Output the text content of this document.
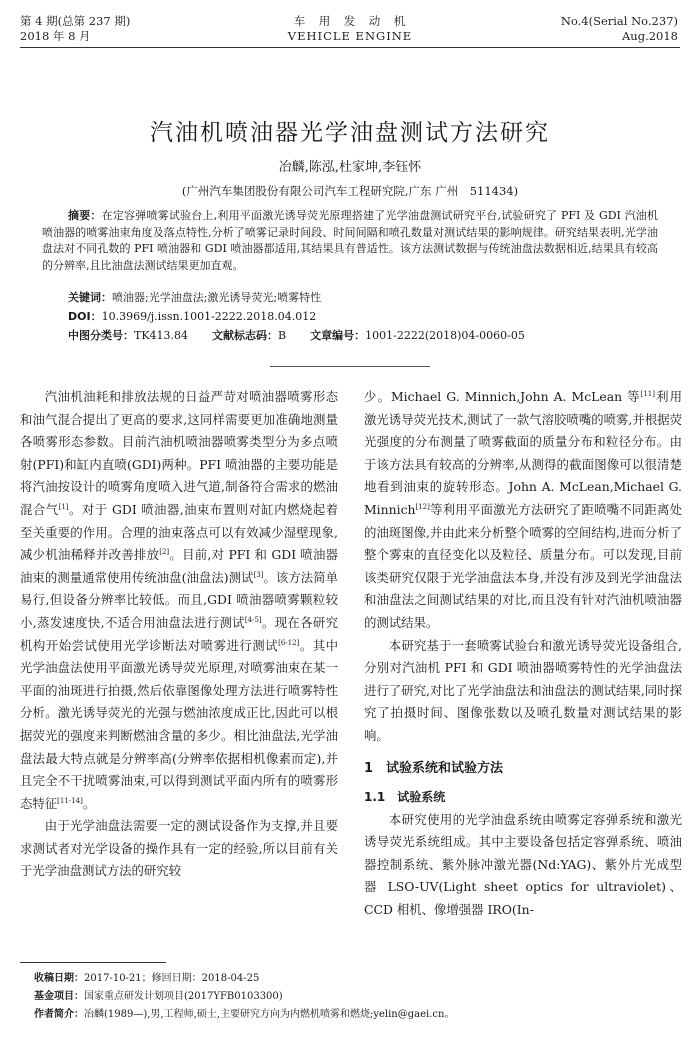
第 4 期(总第 237 期)
2018 年 8 月
车　用　发　动　机
VEHICLE ENGINE
No.4(Serial No.237)
Aug.2018
汽油机喷油器光学油盘测试方法研究
冶麟,陈泓,杜家坤,李钰怀
(广州汽车集团股份有限公司汽车工程研究院,广东 广州　511434)
摘要：在定容弹喷雾试验台上,利用平面激光诱导荧光原理搭建了光学油盘测试研究平台,试验研究了 PFI 及 GDI 汽油机喷油器的喷雾油束角度及落点特性,分析了喷雾记录时间段、时间间隔和喷孔数量对测试结果的影响规律。研究结果表明,光学油盘法对不同孔数的 PFI 喷油器和 GDI 喷油器都适用,其结果具有普适性。该方法测试数据与传统油盘法数据相近,结果具有较高的分辨率,且比油盘法测试结果更加直观。
关键词：喷油器;光学油盘法;激光诱导荧光;喷雾特性
DOI：10.3969/j.issn.1001-2222.2018.04.012
中图分类号：TK413.84 文献标志码：B 文章编号：1001-2222(2018)04-0060-05

汽油机油耗和排放法规的日益严苛对喷油器喷雾形态和油气混合提出了更高的要求,这同样需要更加准确地测量各喷雾形态参数。目前汽油机喷油器喷雾类型分为多点喷射(PFI)和缸内直喷(GDI)两种。PFI 喷油器的主要功能是将汽油按设计的喷雾角度喷入进气道,制备符合需求的燃油混合气[1]。对于 GDI 喷油器,油束布置则对缸内燃烧起着至关重要的作用。合理的油束落点可以有效减少湿壁现象,减少机油稀释并改善排放[2]。目前,对 PFI 和 GDI 喷油器油束的测量通常使用传统油盘(油盘法)测试[3]。该方法简单易行,但设备分辨率比较低。而且,GDI 喷油器喷雾颗粒较小,蒸发速度快,不适合用油盘法进行测试[4-5]。现在各研究机构开始尝试使用光学诊断法对喷雾进行测试[6-12]。其中光学油盘法使用平面激光诱导荧光原理,对喷雾油束在某一平面的油斑进行拍摄,然后依靠图像处理方法进行喷雾特性分析。激光诱导荧光的光强与燃油浓度成正比,因此可以根据荧光的强度来判断燃油含量的多少。相比油盘法,光学油盘法最大特点就是分辨率高(分辨率依据相机像素而定),并且完全不干扰喷雾油束,可以得到测试平面内所有的喷雾形态特征[11-14]。

由于光学油盘法需要一定的测试设备作为支撑,并且要求测试者对光学设备的操作具有一定的经验,所以目前有关于光学油盘测试方法的研究较

少。Michael G. Minnich,John A. McLean 等[11]利用激光诱导荧光技术,测试了一款气溶胶喷嘴的喷雾,并根据荧光强度的分布测量了喷雾截面的质量分布和粒径分布。由于该方法具有较高的分辨率,从测得的截面图像可以很清楚地看到油束的旋转形态。John A. McLean,Michael G. Minnich[12]等利用平面激光方法研究了距喷嘴不同距离处的油斑图像,并由此来分析整个喷雾的空间结构,进而分析了整个雾束的直径变化以及粒径、质量分布。可以发现,目前该类研究仅限于光学油盘法本身,并没有涉及到光学油盘法和油盘法之间测试结果的对比,而且没有针对汽油机喷油器的测试结果。

本研究基于一套喷雾试验台和激光诱导荧光设备组合,分别对汽油机 PFI 和 GDI 喷油器喷雾特性的光学油盘法进行了研究,对比了光学油盘法和油盘法的测试结果,同时探究了拍摄时间、图像张数以及喷孔数量对测试结果的影响。

1　试验系统和试验方法
1.1　试验系统

本研究使用的光学油盘系统由喷雾定容弹系统和激光诱导荧光系统组成。其中主要设备包括定容弹系统、喷油器控制系统、紫外脉冲激光器(Nd:YAG)、紫外片光成型器 LSO-UV(Light sheet optics for ultraviolet)、CCD 相机、像增强器 IRO(In-

收稿日期：2017-10-21；修回日期：2018-04-25
基金项目：国家重点研发计划项目(2017YFB0103300)
作者简介：冶麟(1989—),男,工程师,硕士,主要研究方向为内燃机喷雾和燃烧;yelin@gaei.cn。
